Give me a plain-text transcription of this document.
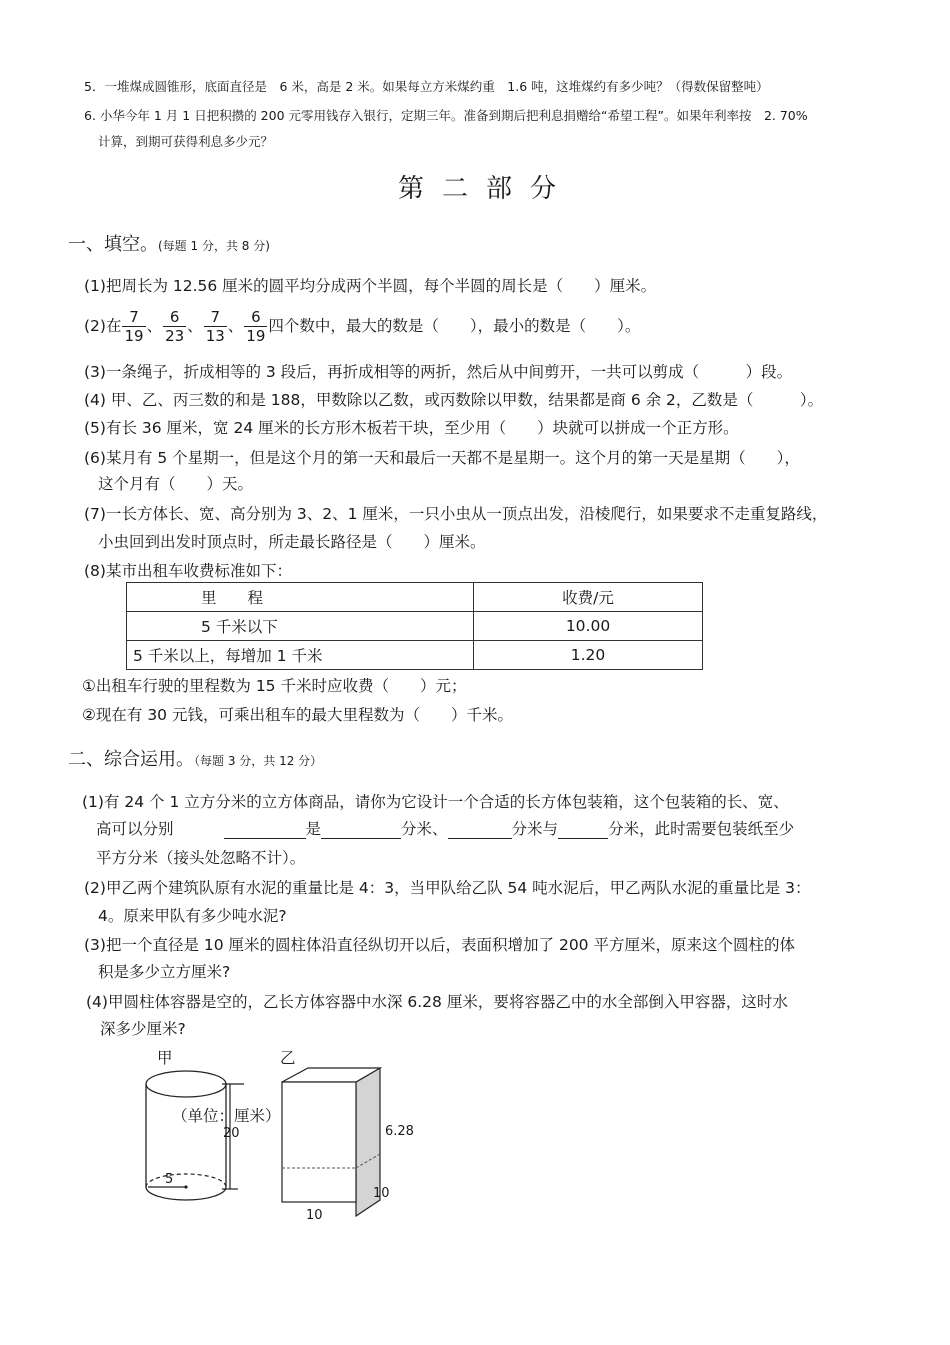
5．一堆煤成圆锥形，底面直径是　6 米，高是 2 米。如果每立方米煤约重　1.6 吨，这堆煤约有多少吨？（得数保留整吨）
6. 小华今年 1 月 1 日把积攒的 200 元零用钱存入银行，定期三年。准备到期后把利息捐赠给“希望工程”。如果年利率按　2. 70%
计算，到期可获得利息多少元？
第二部分
一、填空。(每题 1 分，共 8 分)
(1)把周长为 12.56 厘米的圆平均分成两个半圆，每个半圆的周长是（　　）厘米。
(2)在 $\frac{7}{19}$ 、 $\frac{6}{23}$ 、 $\frac{7}{13}$ 、 $\frac{6}{19}$ 四个数中，最大的数是（　　），最小的数是（　　）。
(3)一条绳子，折成相等的 3 段后，再折成相等的两折，然后从中间剪开，一共可以剪成（　　　）段。
(4) 甲、乙、丙三数的和是 188，甲数除以乙数，或丙数除以甲数，结果都是商 6 余 2，乙数是（　　　）。
(5)有长 36 厘米，宽 24 厘米的长方形木板若干块，至少用（　　）块就可以拼成一个正方形。
(6)某月有 5 个星期一，但是这个月的第一天和最后一天都不是星期一。这个月的第一天是星期（　　），
这个月有（　　）天。
(7)一长方体长、宽、高分别为 3、2、1 厘米，一只小虫从一顶点出发，沿棱爬行，如果要求不走重复路线，
小虫回到出发时顶点时，所走最长路径是（　　）厘米。
(8)某市出租车收费标准如下：
里　　程	收费/元
5 千米以下	10.00
5 千米以上，每增加 1 千米	1.20
①出租车行驶的里程数为 15 千米时应收费（　　）元；
②现在有 30 元钱，可乘出租车的最大里程数为（　　）千米。
二、综合运用。（每题 3 分，共 12 分）
(1)有 24 个 1 立方分米的立方体商品，请你为它设计一个合适的长方体包装箱，这个包装箱的长、宽、
高可以分别	是	分米、	分米与	分米，此时需要包装纸至少
平方分米（接头处忽略不计）。
(2)甲乙两个建筑队原有水泥的重量比是 4：3，当甲队给乙队 54 吨水泥后，甲乙两队水泥的重量比是 3：
4。原来甲队有多少吨水泥?
(3)把一个直径是 10 厘米的圆柱体沿直径纵切开以后，表面积增加了 200 平方厘米，原来这个圆柱的体
积是多少立方厘米?
(4)甲圆柱体容器是空的，乙长方体容器中水深 6.28 厘米，要将容器乙中的水全部倒入甲容器，这时水
深多少厘米?
甲	乙
（单位：厘米）
20
5
6.28
10
10
